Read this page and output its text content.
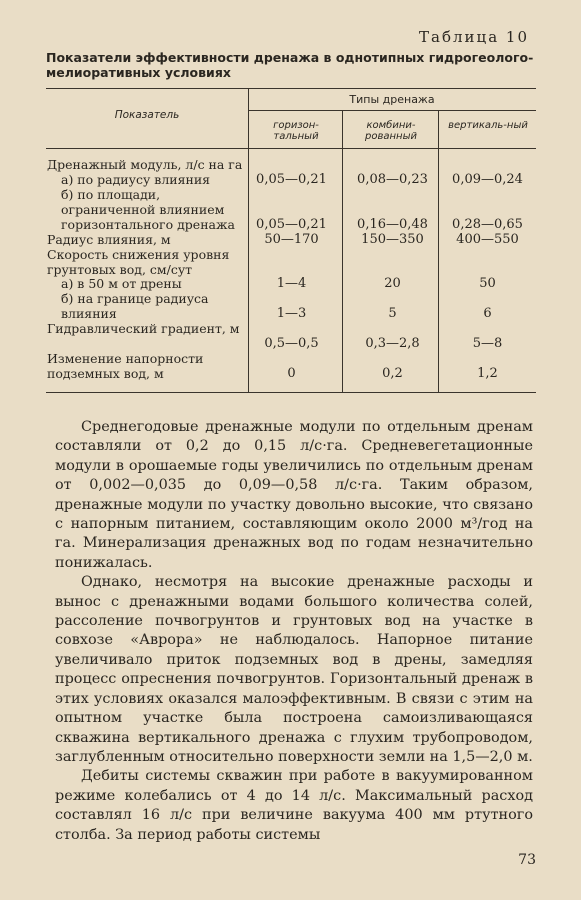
Таблица 10
Показатели эффективности дренажа в однотипных гидрогеолого-мелиоративных условиях
Показатель
Типы дренажа
горизон-тальный
комбини-рованный
вертикаль-ный
Дренажный модуль, л/с на га
а) по радиусу влияния	0,05—0,21	0,08—0,23	0,09—0,24
б) по площади, ограниченной влиянием горизонтального дренажа	0,05—0,21	0,16—0,48	0,28—0,65
Радиус влияния, м	50—170	150—350	400—550
Скорость снижения уровня грунтовых вод, см/сут
а) в 50 м от дрены	1—4	20	50
б) на границе радиуса влияния	1—3	5	6
Гидравлический градиент, м
0,5—0,5	0,3—2,8	5—8
Изменение напорности подземных вод, м	0	0,2	1,2

Среднегодовые дренажные модули по отдельным дренам составляли от 0,2 до 0,15 л/с·га. Средневегетационные модули в орошаемые годы увеличились по отдельным дренам от 0,002—0,035 до 0,09—0,58 л/с·га. Таким образом, дренажные модули по участку довольно высокие, что связано с напорным питанием, составляющим около 2000 м³/год на га. Минерализация дренажных вод по годам незначительно понижалась.

Однако, несмотря на высокие дренажные расходы и вынос с дренажными водами большого количества солей, рассоление почвогрунтов и грунтовых вод на участке в совхозе «Аврора» не наблюдалось. Напорное питание увеличивало приток подземных вод в дрены, замедляя процесс опреснения почвогрунтов. Горизонтальный дренаж в этих условиях оказался малоэффективным. В связи с этим на опытном участке была построена самоизливающаяся скважина вертикального дренажа с глухим трубопроводом, заглубленным относительно поверхности земли на 1,5—2,0 м.

Дебиты системы скважин при работе в вакуумированном режиме колебались от 4 до 14 л/с. Максимальный расход составлял 16 л/с при величине вакуума 400 мм ртутного столба. За период работы системы

73
